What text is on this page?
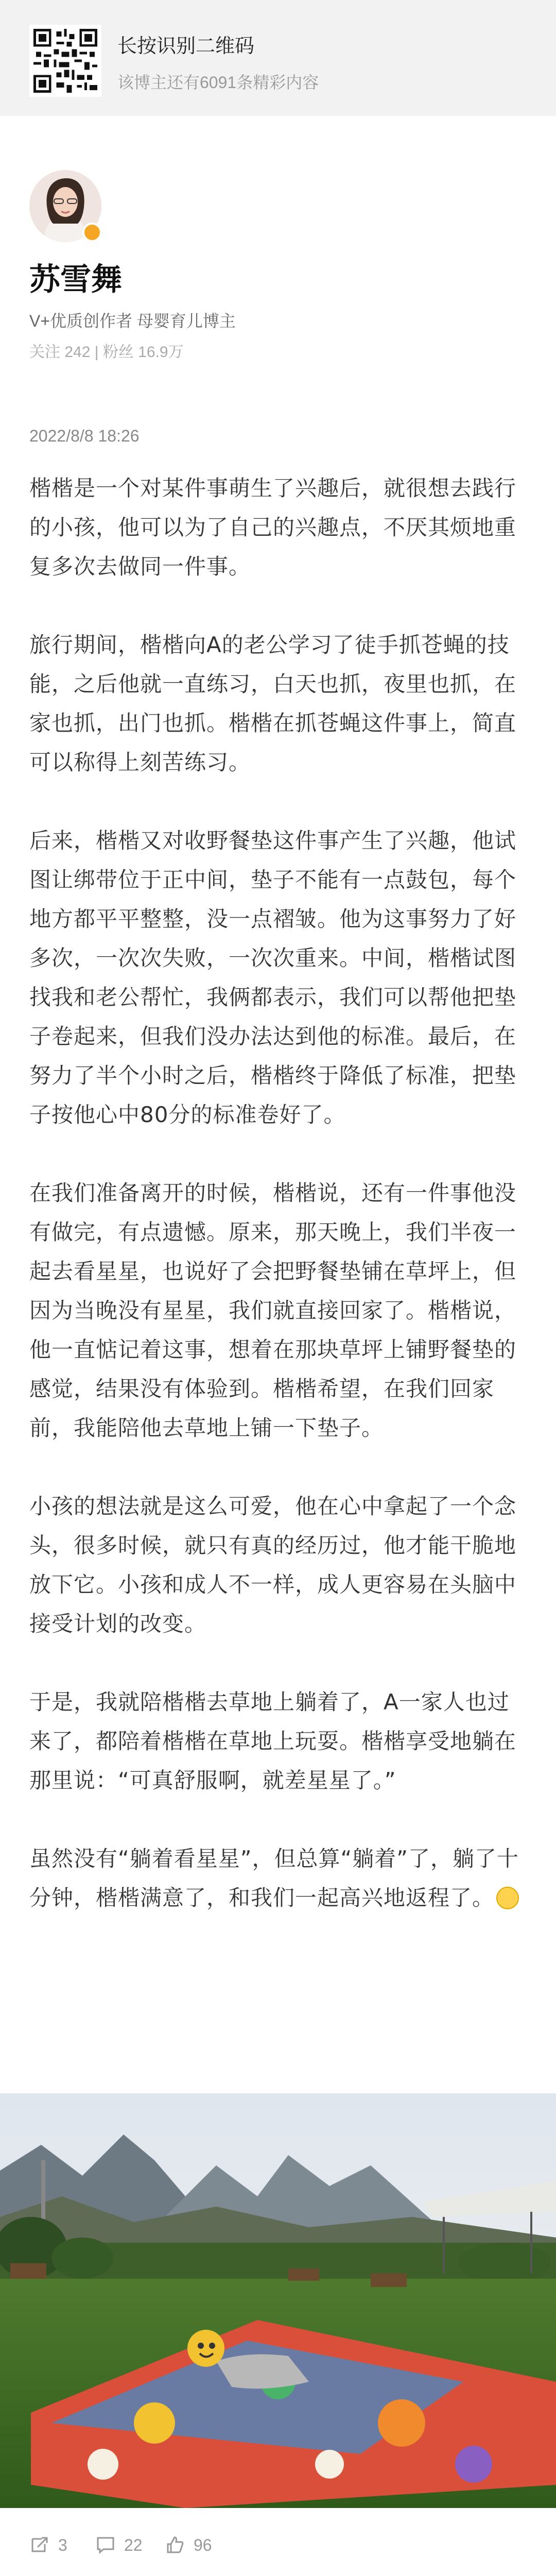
长按识别二维码
该博主还有6091条精彩内容
苏雪舞
V+优质创作者 母婴育儿博主
关注 242 | 粉丝 16.9万
2022/8/8 18:26

楷楷是一个对某件事萌生了兴趣后，就很想去践行的小孩，他可以为了自己的兴趣点，不厌其烦地重复多次去做同一件事。

旅行期间，楷楷向A的老公学习了徒手抓苍蝇的技能，之后他就一直练习，白天也抓，夜里也抓，在家也抓，出门也抓。楷楷在抓苍蝇这件事上，简直可以称得上刻苦练习。

后来，楷楷又对收野餐垫这件事产生了兴趣，他试图让绑带位于正中间，垫子不能有一点鼓包，每个地方都平平整整，没一点褶皱。他为这事努力了好多次，一次次失败，一次次重来。中间，楷楷试图找我和老公帮忙，我俩都表示，我们可以帮他把垫子卷起来，但我们没办法达到他的标准。最后，在努力了半个小时之后，楷楷终于降低了标准，把垫子按他心中80分的标准卷好了。

在我们准备离开的时候，楷楷说，还有一件事他没有做完，有点遗憾。原来，那天晚上，我们半夜一起去看星星，也说好了会把野餐垫铺在草坪上，但因为当晚没有星星，我们就直接回家了。楷楷说，他一直惦记着这事，想着在那块草坪上铺野餐垫的感觉，结果没有体验到。楷楷希望，在我们回家前，我能陪他去草地上铺一下垫子。

小孩的想法就是这么可爱，他在心中拿起了一个念头，很多时候，就只有真的经历过，他才能干脆地放下它。小孩和成人不一样，成人更容易在头脑中接受计划的改变。

于是，我就陪楷楷去草地上躺着了，A一家人也过来了，都陪着楷楷在草地上玩耍。楷楷享受地躺在那里说：“可真舒服啊，就差星星了。”

虽然没有“躺着看星星”，但总算“躺着”了，躺了十分钟，楷楷满意了，和我们一起高兴地返程了。

3	22	96
